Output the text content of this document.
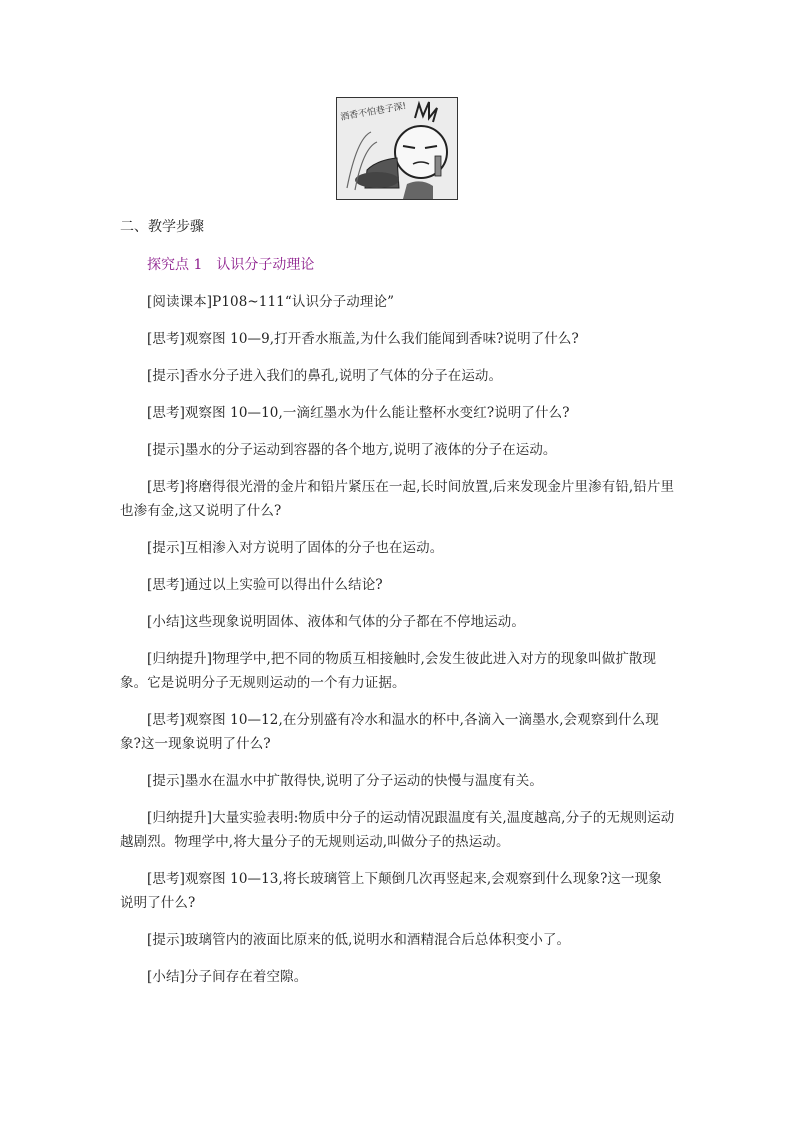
酒香不怕巷子深!
二、教学步骤
探究点 1 认识分子动理论
[阅读课本]P108~111“认识分子动理论”
[思考]观察图 10—9,打开香水瓶盖,为什么我们能闻到香味?说明了什么?
[提示]香水分子进入我们的鼻孔,说明了气体的分子在运动。
[思考]观察图 10—10,一滴红墨水为什么能让整杯水变红?说明了什么?
[提示]墨水的分子运动到容器的各个地方,说明了液体的分子在运动。
[思考]将磨得很光滑的金片和铅片紧压在一起,长时间放置,后来发现金片里渗有铅,铅片里也渗有金,这又说明了什么?
[提示]互相渗入对方说明了固体的分子也在运动。
[思考]通过以上实验可以得出什么结论?
[小结]这些现象说明固体、液体和气体的分子都在不停地运动。
[归纳提升]物理学中,把不同的物质互相接触时,会发生彼此进入对方的现象叫做扩散现象。它是说明分子无规则运动的一个有力证据。
[思考]观察图 10—12,在分别盛有冷水和温水的杯中,各滴入一滴墨水,会观察到什么现象?这一现象说明了什么?
[提示]墨水在温水中扩散得快,说明了分子运动的快慢与温度有关。
[归纳提升]大量实验表明:物质中分子的运动情况跟温度有关,温度越高,分子的无规则运动越剧烈。物理学中,将大量分子的无规则运动,叫做分子的热运动。
[思考]观察图 10—13,将长玻璃管上下颠倒几次再竖起来,会观察到什么现象?这一现象说明了什么?
[提示]玻璃管内的液面比原来的低,说明水和酒精混合后总体积变小了。
[小结]分子间存在着空隙。
